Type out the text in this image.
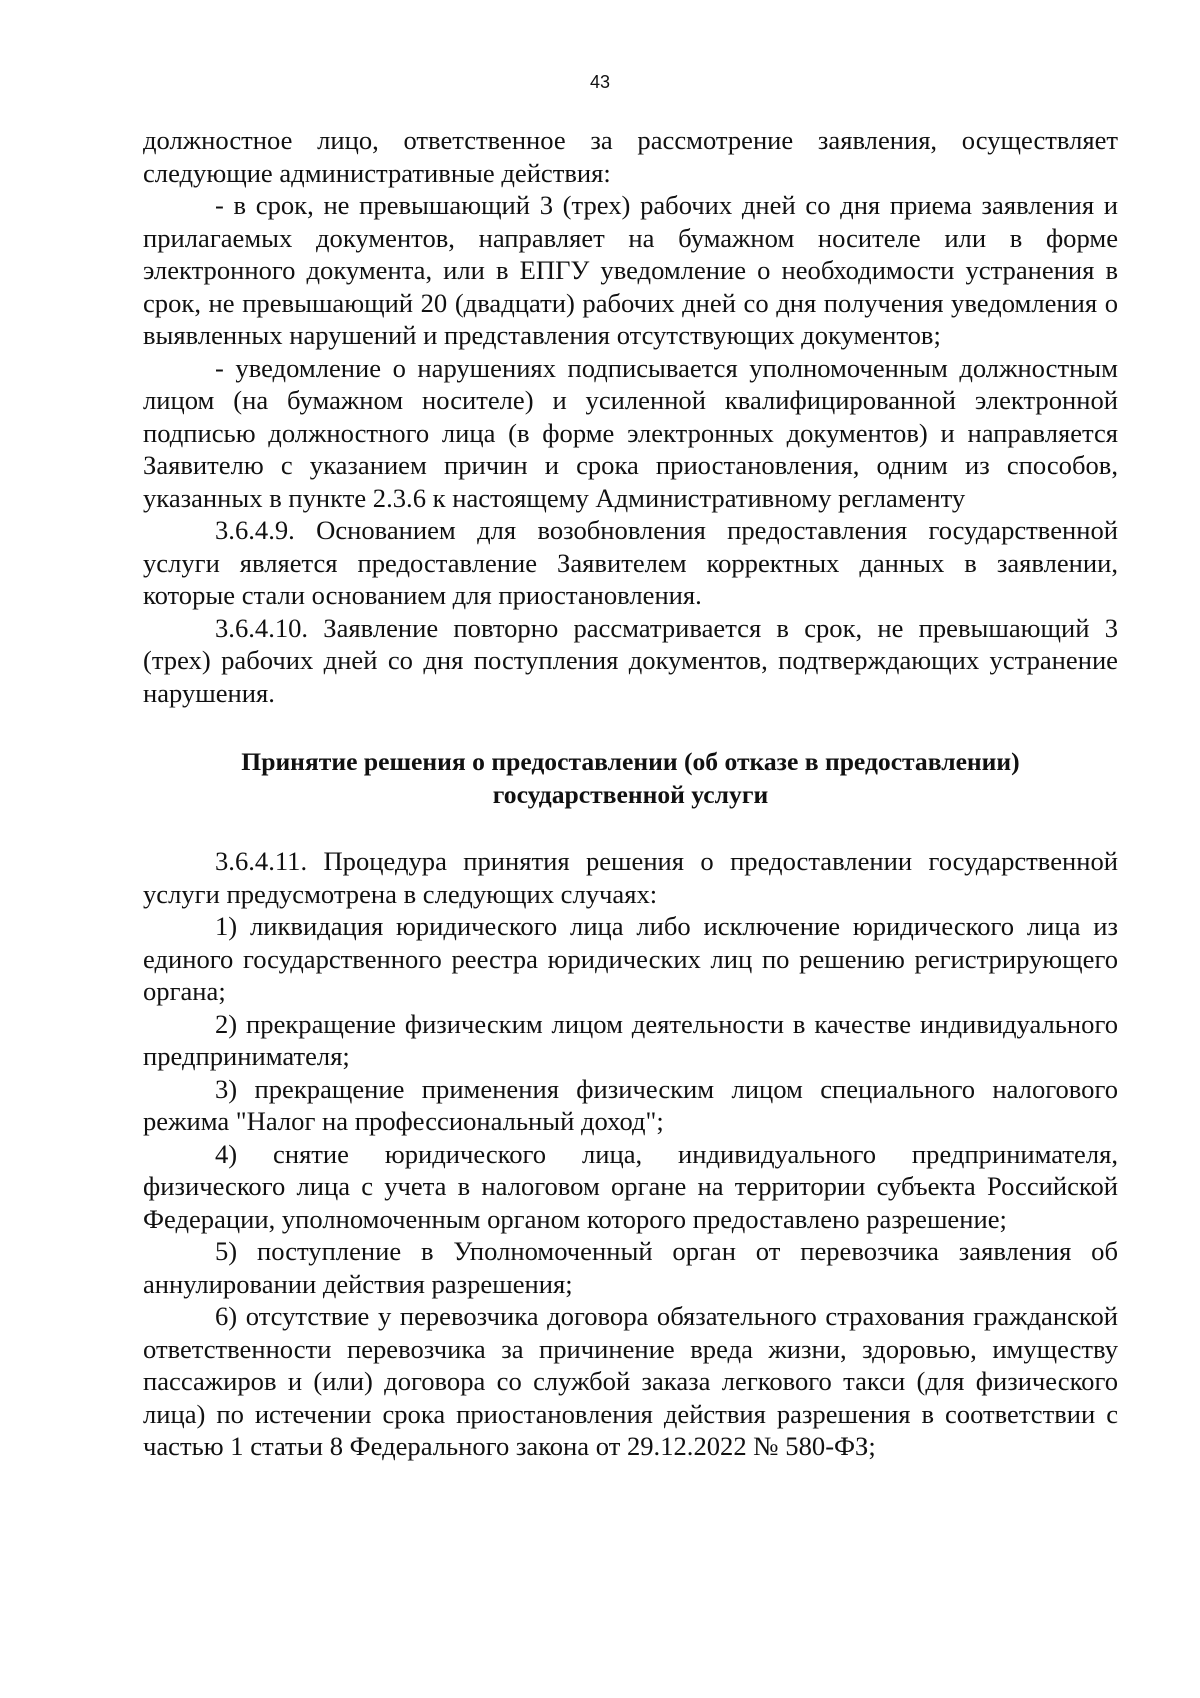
43

должностное лицо, ответственное за рассмотрение заявления, осуществляет следующие административные действия:

- в срок, не превышающий 3 (трех) рабочих дней со дня приема заявления и прилагаемых документов, направляет на бумажном носителе или в форме электронного документа, или в ЕПГУ уведомление о необходимости устранения в срок, не превышающий 20 (двадцати) рабочих дней со дня получения уведомления о выявленных нарушений и представления отсутствующих документов;

- уведомление о нарушениях подписывается уполномоченным должностным лицом (на бумажном носителе) и усиленной квалифицированной электронной подписью должностного лица (в форме электронных документов) и направляется Заявителю с указанием причин и срока приостановления, одним из способов, указанных в пункте 2.3.6 к настоящему Административному регламенту

3.6.4.9. Основанием для возобновления предоставления государственной услуги является предоставление Заявителем корректных данных в заявлении, которые стали основанием для приостановления.

3.6.4.10. Заявление повторно рассматривается в срок, не превышающий 3 (трех) рабочих дней со дня поступления документов, подтверждающих устранение нарушения.

Принятие решения о предоставлении (об отказе в предоставлении) государственной услуги

3.6.4.11. Процедура принятия решения о предоставлении государственной услуги предусмотрена в следующих случаях:

1) ликвидация юридического лица либо исключение юридического лица из единого государственного реестра юридических лиц по решению регистрирующего органа;

2) прекращение физическим лицом деятельности в качестве индивидуального предпринимателя;

3) прекращение применения физическим лицом специального налогового режима "Налог на профессиональный доход";

4) снятие юридического лица, индивидуального предпринимателя, физического лица с учета в налоговом органе на территории субъекта Российской Федерации, уполномоченным органом которого предоставлено разрешение;

5) поступление в Уполномоченный орган от перевозчика заявления об аннулировании действия разрешения;

6) отсутствие у перевозчика договора обязательного страхования гражданской ответственности перевозчика за причинение вреда жизни, здоровью, имуществу пассажиров и (или) договора со службой заказа легкового такси (для физического лица) по истечении срока приостановления действия разрешения в соответствии с частью 1 статьи 8 Федерального закона от 29.12.2022 № 580-ФЗ;
